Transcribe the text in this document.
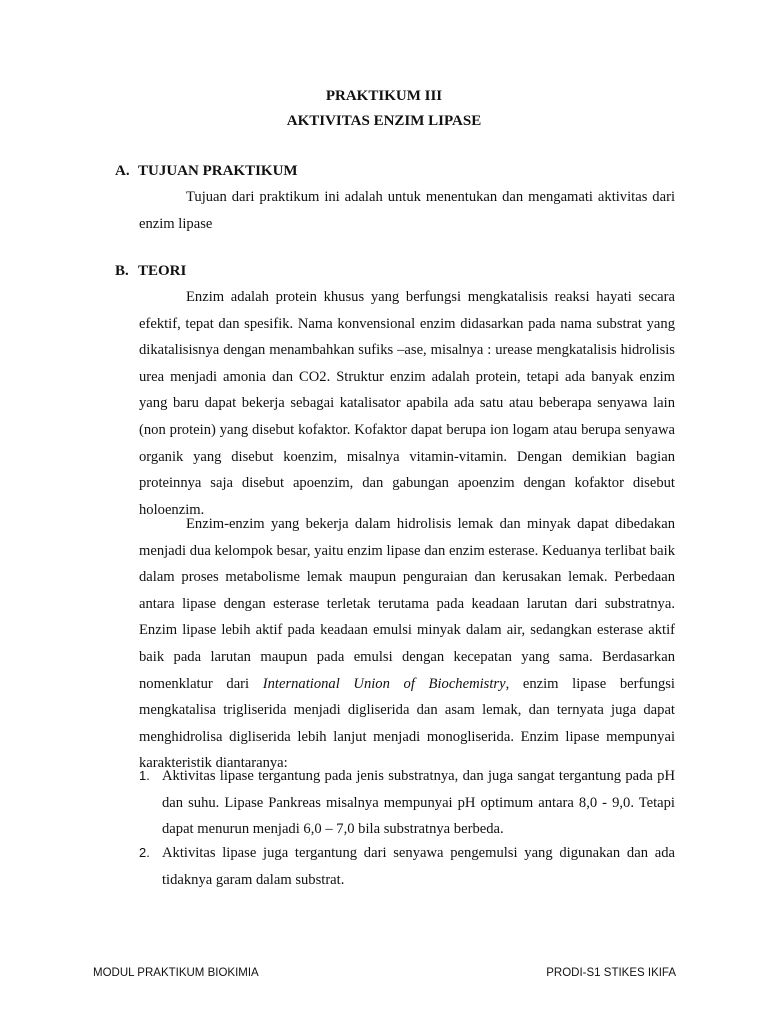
PRAKTIKUM III
AKTIVITAS ENZIM LIPASE
A. TUJUAN PRAKTIKUM

Tujuan dari praktikum ini adalah untuk menentukan dan mengamati aktivitas dari enzim lipase

B. TEORI

Enzim adalah protein khusus yang berfungsi mengkatalisis reaksi hayati secara efektif, tepat dan spesifik. Nama konvensional enzim didasarkan pada nama substrat yang dikatalisisnya dengan menambahkan sufiks –ase, misalnya : urease mengkatalisis hidrolisis urea menjadi amonia dan CO2. Struktur enzim adalah protein, tetapi ada banyak enzim yang baru dapat bekerja sebagai katalisator apabila ada satu atau beberapa senyawa lain (non protein) yang disebut kofaktor. Kofaktor dapat berupa ion logam atau berupa senyawa organik yang disebut koenzim, misalnya vitamin-vitamin. Dengan demikian bagian proteinnya saja disebut apoenzim, dan gabungan apoenzim dengan kofaktor disebut holoenzim.

Enzim-enzim yang bekerja dalam hidrolisis lemak dan minyak dapat dibedakan menjadi dua kelompok besar, yaitu enzim lipase dan enzim esterase. Keduanya terlibat baik dalam proses metabolisme lemak maupun penguraian dan kerusakan lemak. Perbedaan antara lipase dengan esterase terletak terutama pada keadaan larutan dari substratnya. Enzim lipase lebih aktif pada keadaan emulsi minyak dalam air, sedangkan esterase aktif baik pada larutan maupun pada emulsi dengan kecepatan yang sama. Berdasarkan nomenklatur dari International Union of Biochemistry, enzim lipase berfungsi mengkatalisa trigliserida menjadi digliserida dan asam lemak, dan ternyata juga dapat menghidrolisa digliserida lebih lanjut menjadi monogliserida. Enzim lipase mempunyai karakteristik diantaranya:

1. Aktivitas lipase tergantung pada jenis substratnya, dan juga sangat tergantung pada pH dan suhu. Lipase Pankreas misalnya mempunyai pH optimum antara 8,0 - 9,0. Tetapi dapat menurun menjadi 6,0 – 7,0 bila substratnya berbeda.
2. Aktivitas lipase juga tergantung dari senyawa pengemulsi yang digunakan dan ada tidaknya garam dalam substrat.
MODUL PRAKTIKUM BIOKIMIA	PRODI-S1 STIKES IKIFA
